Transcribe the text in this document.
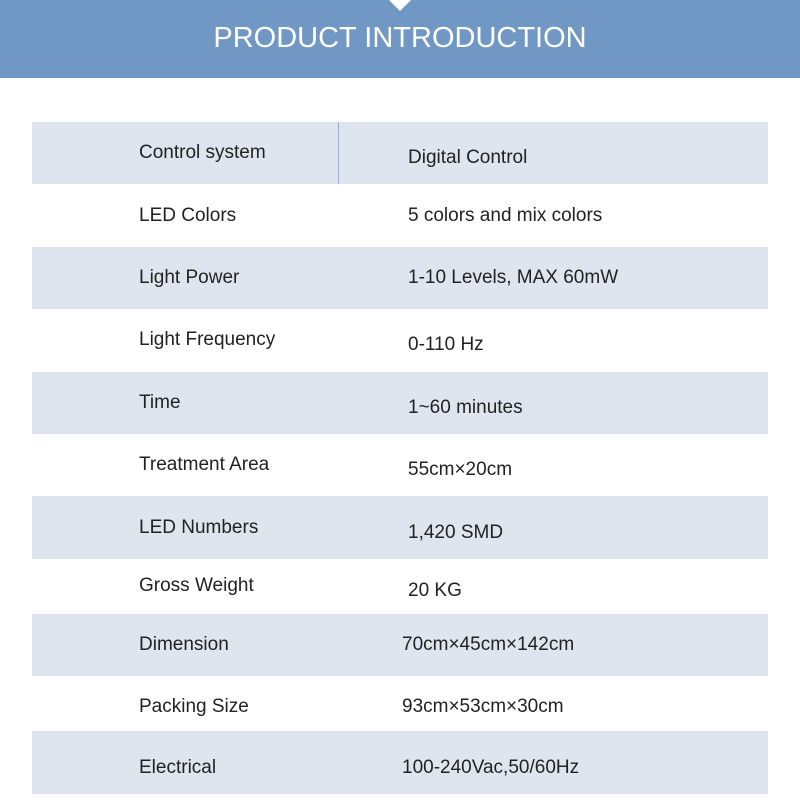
PRODUCT INTRODUCTION
Control system	Digital Control
LED Colors	5 colors and mix colors
Light Power	1-10 Levels, MAX 60mW
Light Frequency	0-110 Hz
Time	1~60 minutes
Treatment Area	55cm×20cm
LED Numbers	1,420 SMD
Gross Weight	20 KG
Dimension	70cm×45cm×142cm
Packing Size	93cm×53cm×30cm
Electrical	100-240Vac,50/60Hz
